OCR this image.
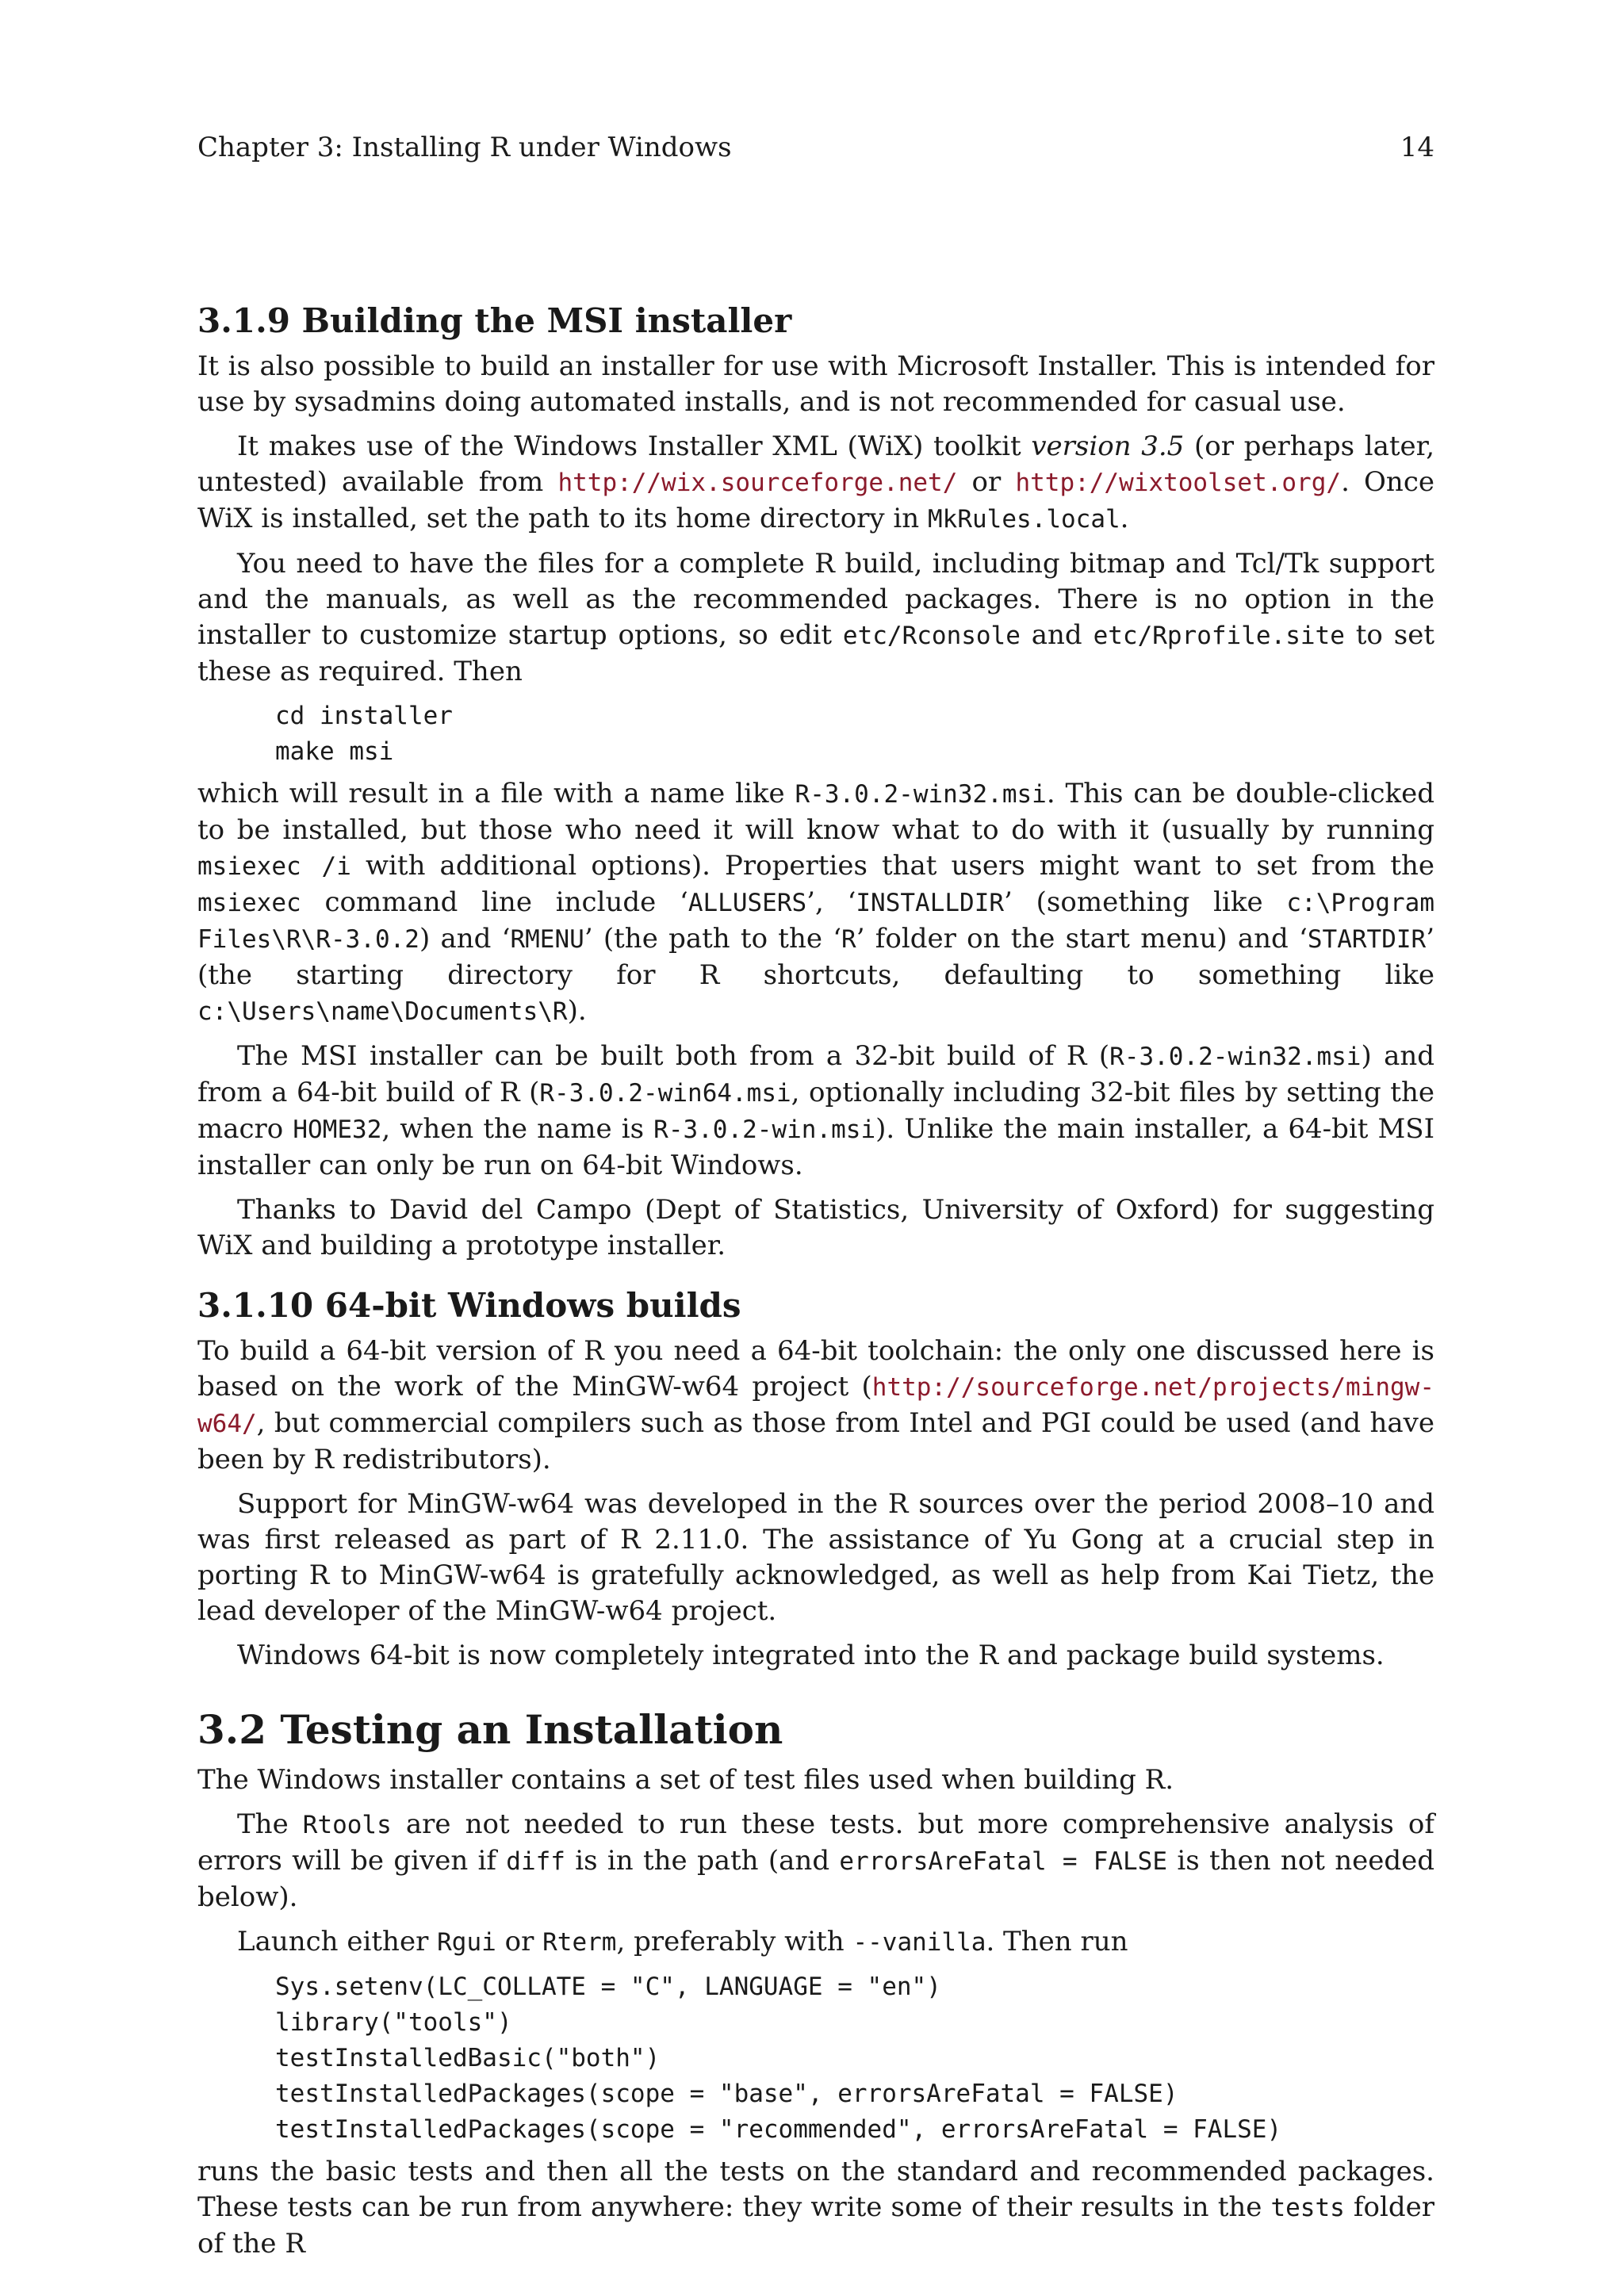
Chapter 3: Installing R under Windows	14
3.1.9 Building the MSI installer

It is also possible to build an installer for use with Microsoft Installer. This is intended for use by sysadmins doing automated installs, and is not recommended for casual use.

It makes use of the Windows Installer XML (WiX) toolkit version 3.5 (or perhaps later, untested) available from http://wix.sourceforge.net/ or http://wixtoolset.org/. Once WiX is installed, set the path to its home directory in MkRules.local.

You need to have the files for a complete R build, including bitmap and Tcl/Tk support and the manuals, as well as the recommended packages. There is no option in the installer to customize startup options, so edit etc/Rconsole and etc/Rprofile.site to set these as required. Then

cd installer
make msi

which will result in a file with a name like R-3.0.2-win32.msi. This can be double-clicked to be installed, but those who need it will know what to do with it (usually by running msiexec /i with additional options). Properties that users might want to set from the msiexec command line include ‘ALLUSERS’, ‘INSTALLDIR’ (something like c:\Program Files\R\R-3.0.2) and ‘RMENU’ (the path to the ‘R’ folder on the start menu) and ‘STARTDIR’ (the starting directory for R shortcuts, defaulting to something like c:\Users\name\Documents\R).

The MSI installer can be built both from a 32-bit build of R (R-3.0.2-win32.msi) and from a 64-bit build of R (R-3.0.2-win64.msi, optionally including 32-bit files by setting the macro HOME32, when the name is R-3.0.2-win.msi). Unlike the main installer, a 64-bit MSI installer can only be run on 64-bit Windows.

Thanks to David del Campo (Dept of Statistics, University of Oxford) for suggesting WiX and building a prototype installer.

3.1.10 64-bit Windows builds

To build a 64-bit version of R you need a 64-bit toolchain: the only one discussed here is based on the work of the MinGW-w64 project (http://sourceforge.net/projects/mingw-w64/, but commercial compilers such as those from Intel and PGI could be used (and have been by R redistributors).

Support for MinGW-w64 was developed in the R sources over the period 2008–10 and was first released as part of R 2.11.0. The assistance of Yu Gong at a crucial step in porting R to MinGW-w64 is gratefully acknowledged, as well as help from Kai Tietz, the lead developer of the MinGW-w64 project.

Windows 64-bit is now completely integrated into the R and package build systems.

3.2 Testing an Installation

The Windows installer contains a set of test files used when building R.

The Rtools are not needed to run these tests. but more comprehensive analysis of errors will be given if diff is in the path (and errorsAreFatal = FALSE is then not needed below).

Launch either Rgui or Rterm, preferably with --vanilla. Then run

Sys.setenv(LC_COLLATE = "C", LANGUAGE = "en")
library("tools")
testInstalledBasic("both")
testInstalledPackages(scope = "base", errorsAreFatal = FALSE)
testInstalledPackages(scope = "recommended", errorsAreFatal = FALSE)

runs the basic tests and then all the tests on the standard and recommended packages. These tests can be run from anywhere: they write some of their results in the tests folder of the R
